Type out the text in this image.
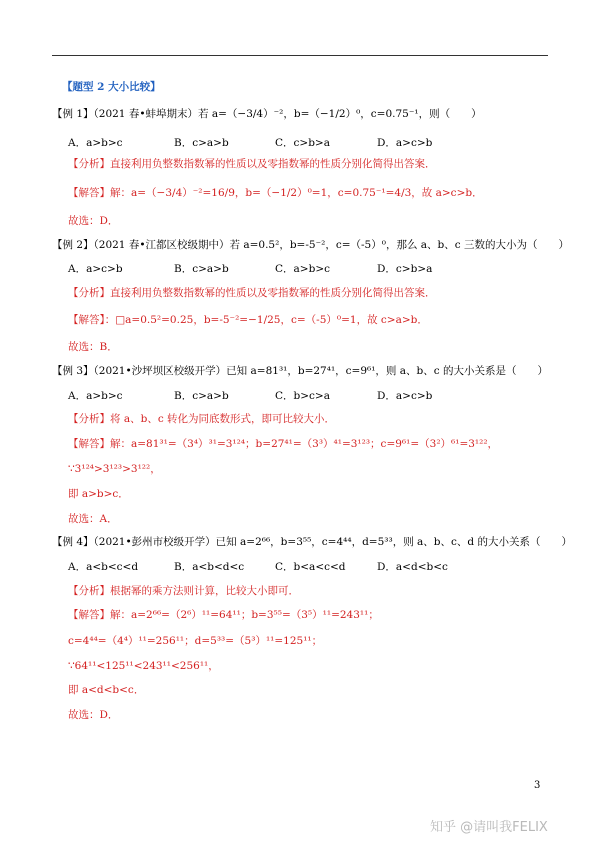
【题型 2 大小比较】
【例 1】（2021 春•蚌埠期末）若 a=（−3/4）⁻²，b=（−1/2）⁰，c=0.75⁻¹，则（　　）
A．a>b>c	B．c>a>b	C．c>b>a	D．a>c>b
【分析】直接利用负整数指数幂的性质以及零指数幂的性质分别化简得出答案．
【解答】解：a=（−3/4）⁻²=16/9，b=（−1/2）⁰=1，c=0.75⁻¹=4/3，故 a>c>b．
故选：D．
【例 2】（2021 春•江都区校级期中）若 a=0.5²，b=-5⁻²，c=（-5）⁰，那么 a、b、c 三数的大小为（　　）
A．a>c>b	B．c>a>b	C．a>b>c	D．c>b>a
【分析】直接利用负整数指数幂的性质以及零指数幂的性质分别化简得出答案．
【解答】：□a=0.5²=0.25，b=-5⁻²=−1/25，c=（-5）⁰=1，故 c>a>b．
故选：B．
【例 3】（2021•沙坪坝区校级开学）已知 a=81³¹，b=27⁴¹，c=9⁶¹，则 a、b、c 的大小关系是（　　）
A．a>b>c	B．c>a>b	C．b>c>a	D．a>c>b
【分析】将 a、b、c 转化为同底数形式，即可比较大小．
【解答】解：a=81³¹=（3⁴）³¹=3¹²⁴；b=27⁴¹=（3³）⁴¹=3¹²³；c=9⁶¹=（3²）⁶¹=3¹²²，
∵3¹²⁴>3¹²³>3¹²²，
即 a>b>c．
故选：A．
【例 4】（2021•彭州市校级开学）已知 a=2⁶⁶，b=3⁵⁵，c=4⁴⁴，d=5³³，则 a、b、c、d 的大小关系（　　）
A．a<b<c<d	B．a<b<d<c	C．b<a<c<d	D．a<d<b<c
【分析】根据幂的乘方法则计算，比较大小即可．
【解答】解：a=2⁶⁶=（2⁶）¹¹=64¹¹；b=3⁵⁵=（3⁵）¹¹=243¹¹；
c=4⁴⁴=（4⁴）¹¹=256¹¹；d=5³³=（5³）¹¹=125¹¹；
∵64¹¹<125¹¹<243¹¹<256¹¹，
即 a<d<b<c．
故选：D．
3
知乎 @请叫我FELIX
